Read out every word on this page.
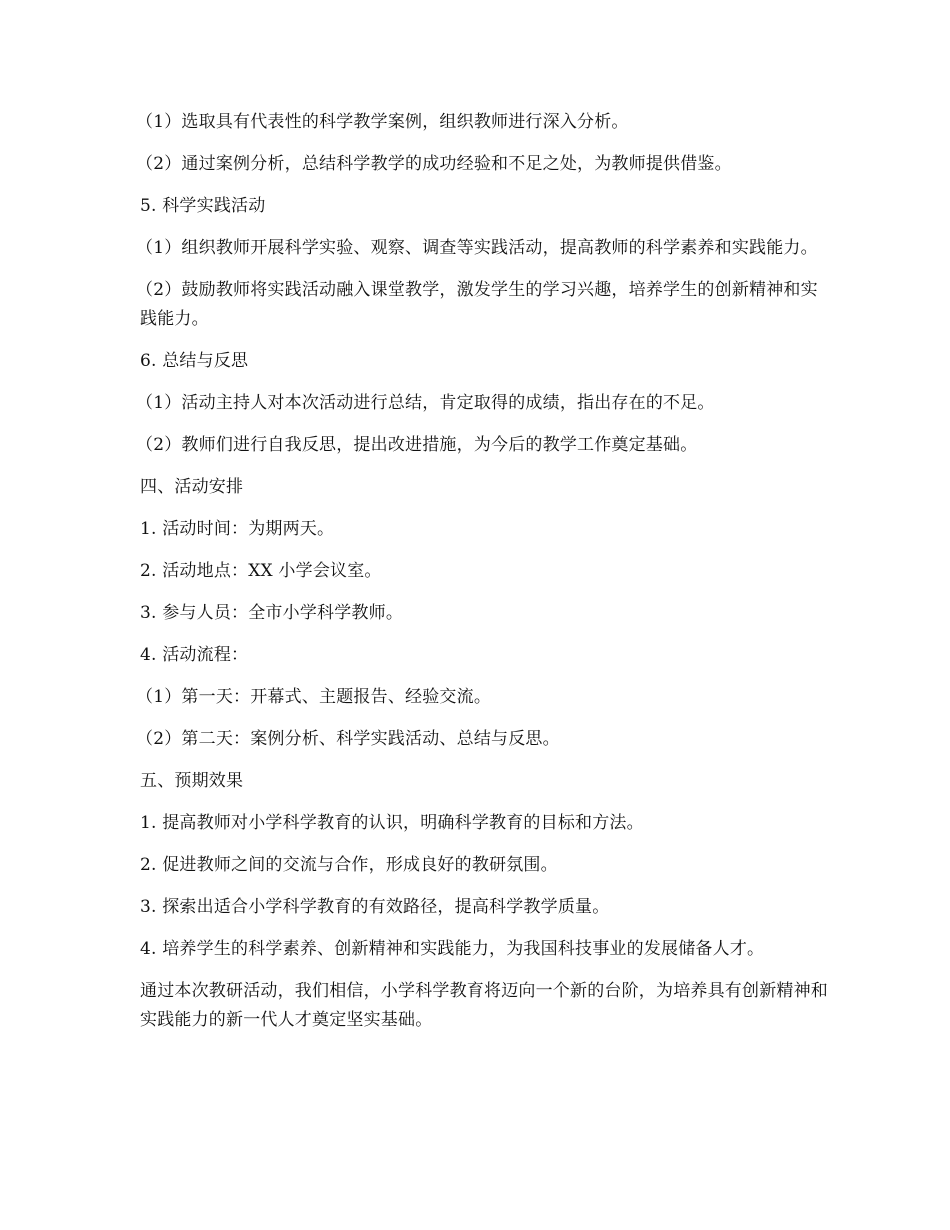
（1）选取具有代表性的科学教学案例，组织教师进行深入分析。

（2）通过案例分析，总结科学教学的成功经验和不足之处，为教师提供借鉴。

5. 科学实践活动

（1）组织教师开展科学实验、观察、调查等实践活动，提高教师的科学素养和实践能力。

（2）鼓励教师将实践活动融入课堂教学，激发学生的学习兴趣，培养学生的创新精神和实践能力。

6. 总结与反思

（1）活动主持人对本次活动进行总结，肯定取得的成绩，指出存在的不足。

（2）教师们进行自我反思，提出改进措施，为今后的教学工作奠定基础。

四、活动安排

1. 活动时间：为期两天。

2. 活动地点：XX 小学会议室。

3. 参与人员：全市小学科学教师。

4. 活动流程：

（1）第一天：开幕式、主题报告、经验交流。

（2）第二天：案例分析、科学实践活动、总结与反思。

五、预期效果

1. 提高教师对小学科学教育的认识，明确科学教育的目标和方法。

2. 促进教师之间的交流与合作，形成良好的教研氛围。

3. 探索出适合小学科学教育的有效路径，提高科学教学质量。

4. 培养学生的科学素养、创新精神和实践能力，为我国科技事业的发展储备人才。

通过本次教研活动，我们相信，小学科学教育将迈向一个新的台阶，为培养具有创新精神和实践能力的新一代人才奠定坚实基础。
